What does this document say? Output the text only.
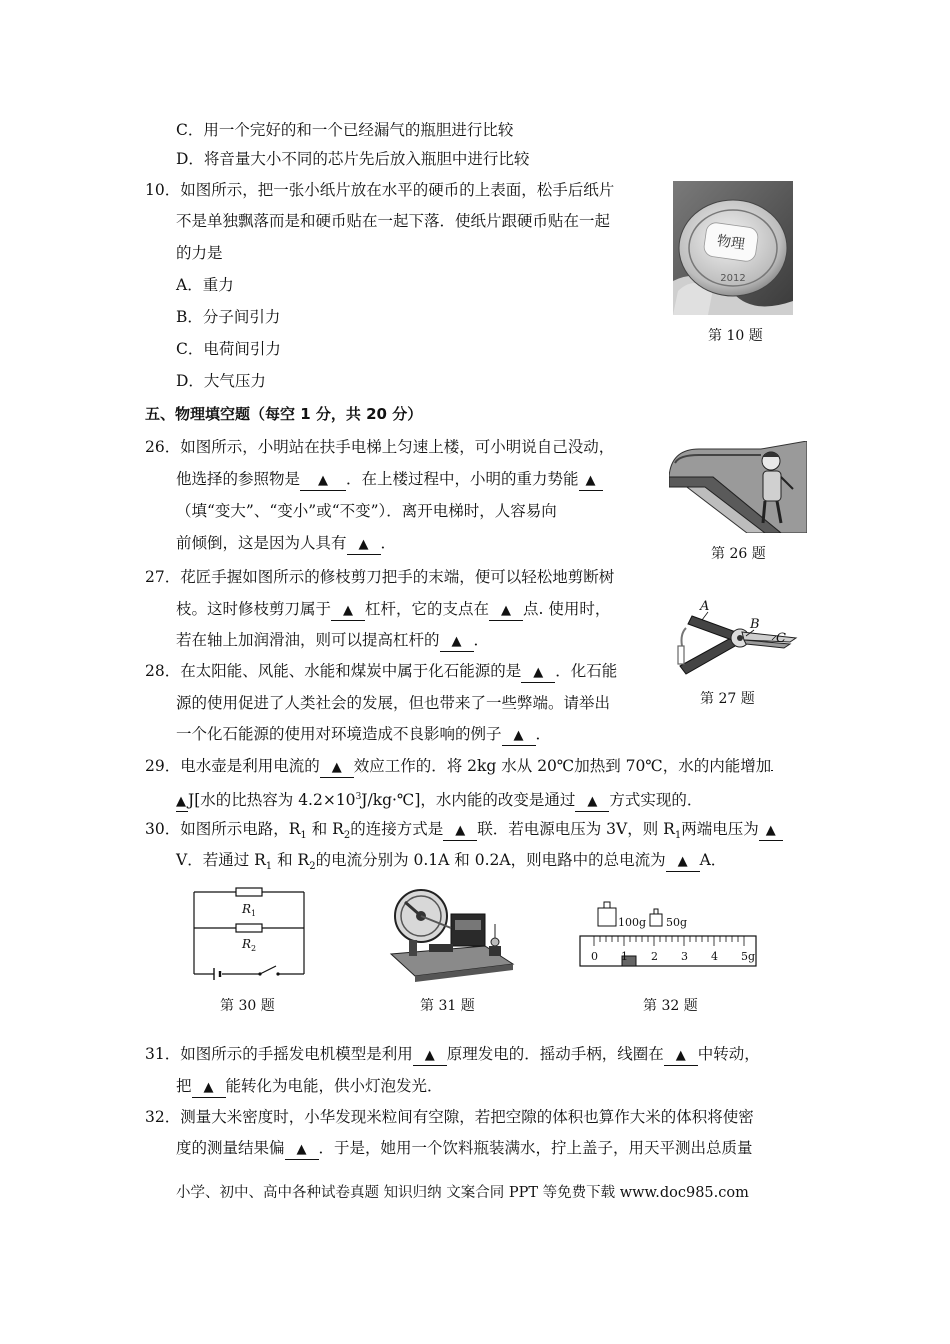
C．用一个完好的和一个已经漏气的瓶胆进行比较
D．将音量大小不同的芯片先后放入瓶胆中进行比较
10．如图所示，把一张小纸片放在水平的硬币的上表面，松手后纸片
不是单独飘落而是和硬币贴在一起下落．使纸片跟硬币贴在一起
的力是
A．重力
B．分子间引力
C．电荷间引力
D．大气压力
物理
2012
第 10 题
五、物理填空题（每空 1 分，共 20 分）
26．如图所示，小明站在扶手电梯上匀速上楼，可小明说自己没动，
他选择的参照物是 ▲ ．在上楼过程中，小明的重力势能 ▲
（填“变大”、“变小”或“不变”）．离开电梯时，人容易向
前倾倒，这是因为人具有 ▲ ．
第 26 题
27．花匠手握如图所示的修枝剪刀把手的末端，便可以轻松地剪断树
枝。这时修枝剪刀属于 ▲ 杠杆，它的支点在 ▲ 点. 使用时，
若在轴上加润滑油，则可以提高杠杆的 ▲ ．
A
B
C
第 27 题
28．在太阳能、风能、水能和煤炭中属于化石能源的是 ▲ ．化石能
源的使用促进了人类社会的发展，但也带来了一些弊端。请举出
一个化石能源的使用对环境造成不良影响的例子 ▲ ．
29．电水壶是利用电流的 ▲ 效应工作的．将 2kg 水从 20℃加热到 70℃，水的内能增加
▲ J[水的比热容为 $4.2\times 10^3J/kg\cdot℃$]，水内能的改变是通过 ▲ 方式实现的．
30．如图所示电路，$R_1$ 和 $R_2$的连接方式是 ▲ 联．若电源电压为 3V，则 $R_1$两端电压为 ▲
V．若通过 $R_1$ 和 $R_2$的电流分别为 0.1A 和 0.2A，则电路中的总电流为 ▲ A．
$R_1$
$R_2$
第 30 题	第 31 题
100g 50g
0 1 2 3 4 5g
第 32 题
31．如图所示的手摇发电机模型是利用 ▲ 原理发电的．摇动手柄，线圈在 ▲ 中转动，
把 ▲ 能转化为电能，供小灯泡发光．
32．测量大米密度时，小华发现米粒间有空隙，若把空隙的体积也算作大米的体积将使密
度的测量结果偏 ▲ ．于是，她用一个饮料瓶装满水，拧上盖子，用天平测出总质量
小学、初中、高中各种试卷真题 知识归纳 文案合同 PPT 等免费下载 www.doc985.com
